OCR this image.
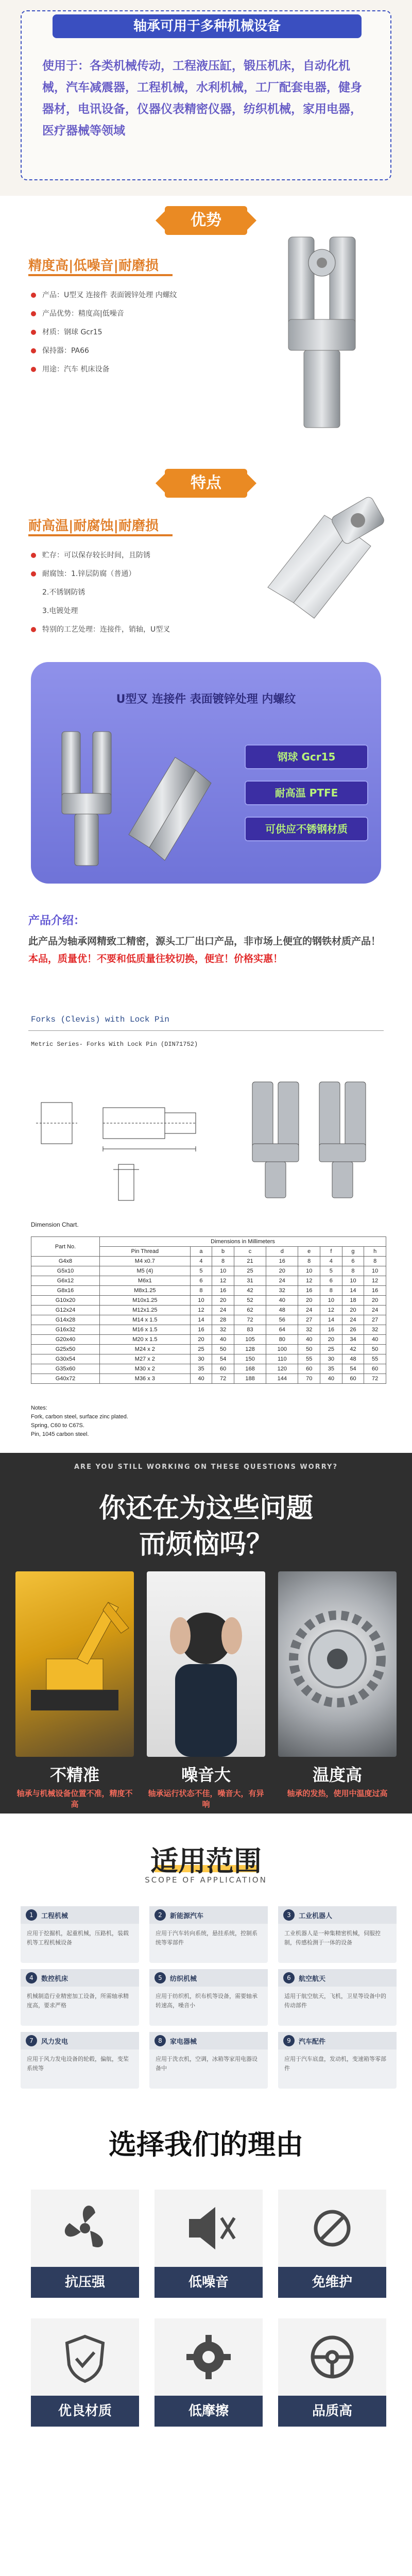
轴承可用于多种机械设备
使用于：各类机械传动，工程液压缸，锻压机床，自动化机械，汽车减震器，工程机械，水利机械，工厂配套电器，健身器材，电讯设备，仪器仪表精密仪器，纺织机械，家用电器，医疗器械等领域
优势
精度高|低噪音|耐磨损
产品：U型叉 连接件 表面镀锌处理 内螺纹
产品优势：精度高|低噪音
材质：钢球 Gcr15
保持器：PA66
用途：汽车 机床设备
特点
耐高温|耐腐蚀|耐磨损
贮存：可以保存较长时间，且防锈
耐腐蚀：1.锌层防腐（普通）
2.不锈钢防锈
3.电镀处理
特别的工艺处理：连接件，销轴，U型叉
U型叉 连接件 表面镀锌处理 内螺纹
钢球 Gcr15
耐高温 PTFE
可供应不锈钢材质
产品介绍：
此产品为轴承网精致工精密，源头工厂出口产品，非市场上便宜的钢铁材质产品！本品，质量优！不要和低质量往较切换，便宜！价格实惠！
Forks (Clevis) with Lock Pin
Metric Series- Forks With Lock Pin (DIN71752)
Dimension Chart.
Part No.	Dimensions in Millimeters								
	Pin Thread	a	b	c	d	e	f	g	h
G4x8	M4 x0.7	4	8	21	16	8	4	6	8
G5x10	M5 (4)	5	10	25	20	10	5	8	10
G6x12	M6x1	6	12	31	24	12	6	10	12
G8x16	M8x1.25	8	16	42	32	16	8	14	16
G10x20	M10x1.25	10	20	52	40	20	10	18	20
G12x24	M12x1.25	12	24	62	48	24	12	20	24
G14x28	M14 x 1.5	14	28	72	56	27	14	24	27
G16x32	M16 x 1.5	16	32	83	64	32	16	26	32
G20x40	M20 x 1.5	20	40	105	80	40	20	34	40
G25x50	M24 x 2	25	50	128	100	50	25	42	50
G30x54	M27 x 2	30	54	150	110	55	30	48	55
G35x60	M30 x 2	35	60	168	120	60	35	54	60
G40x72	M36 x 3	40	72	188	144	70	40	60	72
Notes:
Fork, carbon steel, surface zinc plated.
Spring, C60 to C67S.
Pin, 1045 carbon steel.
ARE YOU STILL WORKING ON THESE QUESTIONS WORRY?
你还在为这些问题
而烦恼吗？
不精准
轴承与机械设备位置不准，精度不高
噪音大
轴承运行状态不佳，噪音大，有异响
温度高
轴承的发热，使用中温度过高
适用范围
SCOPE OF APPLICATION
1	工程机械
应用于挖掘机，起重机械，压路机，装载机等工程机械设备
2	新能源汽车
应用于汽车转向系统，悬挂系统，控制系统等零部件
3	工业机器人
工业机器人是一种集精密机械，伺服控制，传感检测于一体的设备
4	数控机床
机械制造行业精密加工设备，所需轴承精度高，要求严格
5	纺织机械
应用于纺织机，织布机等设备，需要轴承转速高，噪音小
6	航空航天
适用于航空航天，飞机，卫星等设备中的传动部件
7	风力发电
应用于风力发电设备的轮毂，偏航，变桨系统等
8	家电器械
应用于洗衣机，空调，冰箱等家用电器设备中
9	汽车配件
应用于汽车底盘，发动机，变速箱等零部件
选择我们的理由
抗压强	低噪音	免维护
优良材质	低摩擦	品质高
